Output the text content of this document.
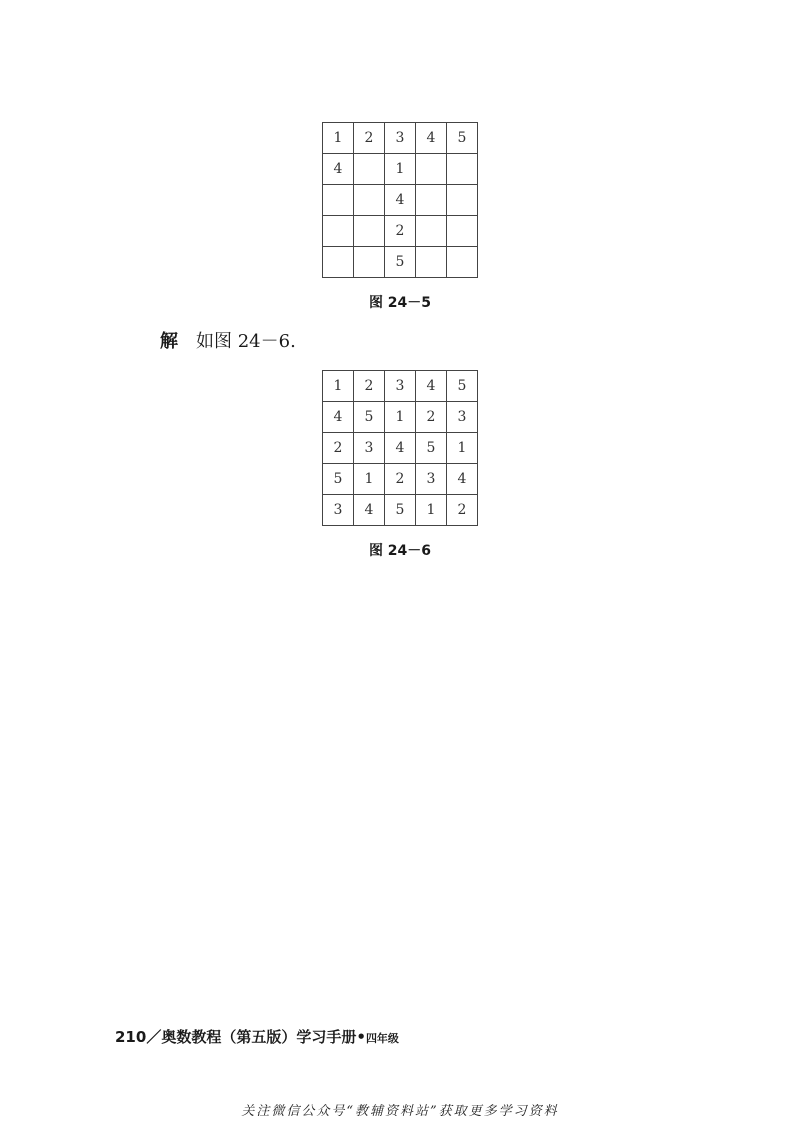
1	2	3	4	5
4		1		
		4		
		2		
		5		
图 24－5
解 如图 24－6.
1	2	3	4	5
4	5	1	2	3
2	3	4	5	1
5	1	2	3	4
3	4	5	1	2
图 24－6
210／奥数教程（第五版）学习手册•四年级
关注微信公众号“教辅资料站”获取更多学习资料
